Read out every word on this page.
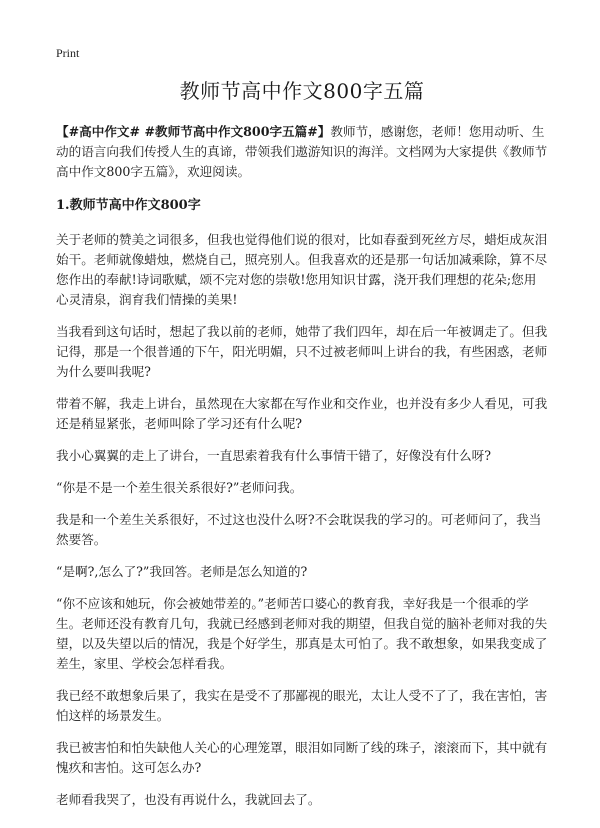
Print
教师节高中作文800字五篇

【#高中作文# #教师节高中作文800字五篇#】教师节，感谢您，老师！您用动听、生动的语言向我们传授人生的真谛，带领我们遨游知识的海洋。文档网为大家提供《教师节高中作文800字五篇》，欢迎阅读。

1.教师节高中作文800字

关于老师的赞美之词很多，但我也觉得他们说的很对，比如春蚕到死丝方尽，蜡炬成灰泪始干。老师就像蜡烛，燃烧自己，照亮别人。但我喜欢的还是那一句话加减乘除，算不尽您作出的奉献!诗词歌赋，颂不完对您的崇敬!您用知识甘露，浇开我们理想的花朵;您用心灵清泉，润育我们情操的美果!

当我看到这句话时，想起了我以前的老师，她带了我们四年，却在后一年被调走了。但我记得，那是一个很普通的下午，阳光明媚，只不过被老师叫上讲台的我，有些困惑，老师为什么要叫我呢?

带着不解，我走上讲台，虽然现在大家都在写作业和交作业，也并没有多少人看见，可我还是稍显紧张，老师叫除了学习还有什么呢?

我小心翼翼的走上了讲台，一直思索着我有什么事情干错了，好像没有什么呀?

“你是不是一个差生很关系很好?”老师问我。

我是和一个差生关系很好，不过这也没什么呀?不会耽误我的学习的。可老师问了，我当然要答。

“是啊?,怎么了?”我回答。老师是怎么知道的?

“你不应该和她玩，你会被她带差的。”老师苦口婆心的教育我，幸好我是一个很乖的学生。老师还没有教育几句，我就已经感到老师对我的期望，但我自觉的脑补老师对我的失望，以及失望以后的情况，我是个好学生，那真是太可怕了。我不敢想象，如果我变成了差生，家里、学校会怎样看我。

我已经不敢想象后果了，我实在是受不了那鄙视的眼光，太让人受不了了，我在害怕，害怕这样的场景发生。

我已被害怕和怕失缺他人关心的心理笼罩，眼泪如同断了线的珠子，滚滚而下，其中就有愧疚和害怕。这可怎么办?

老师看我哭了，也没有再说什么，我就回去了。
